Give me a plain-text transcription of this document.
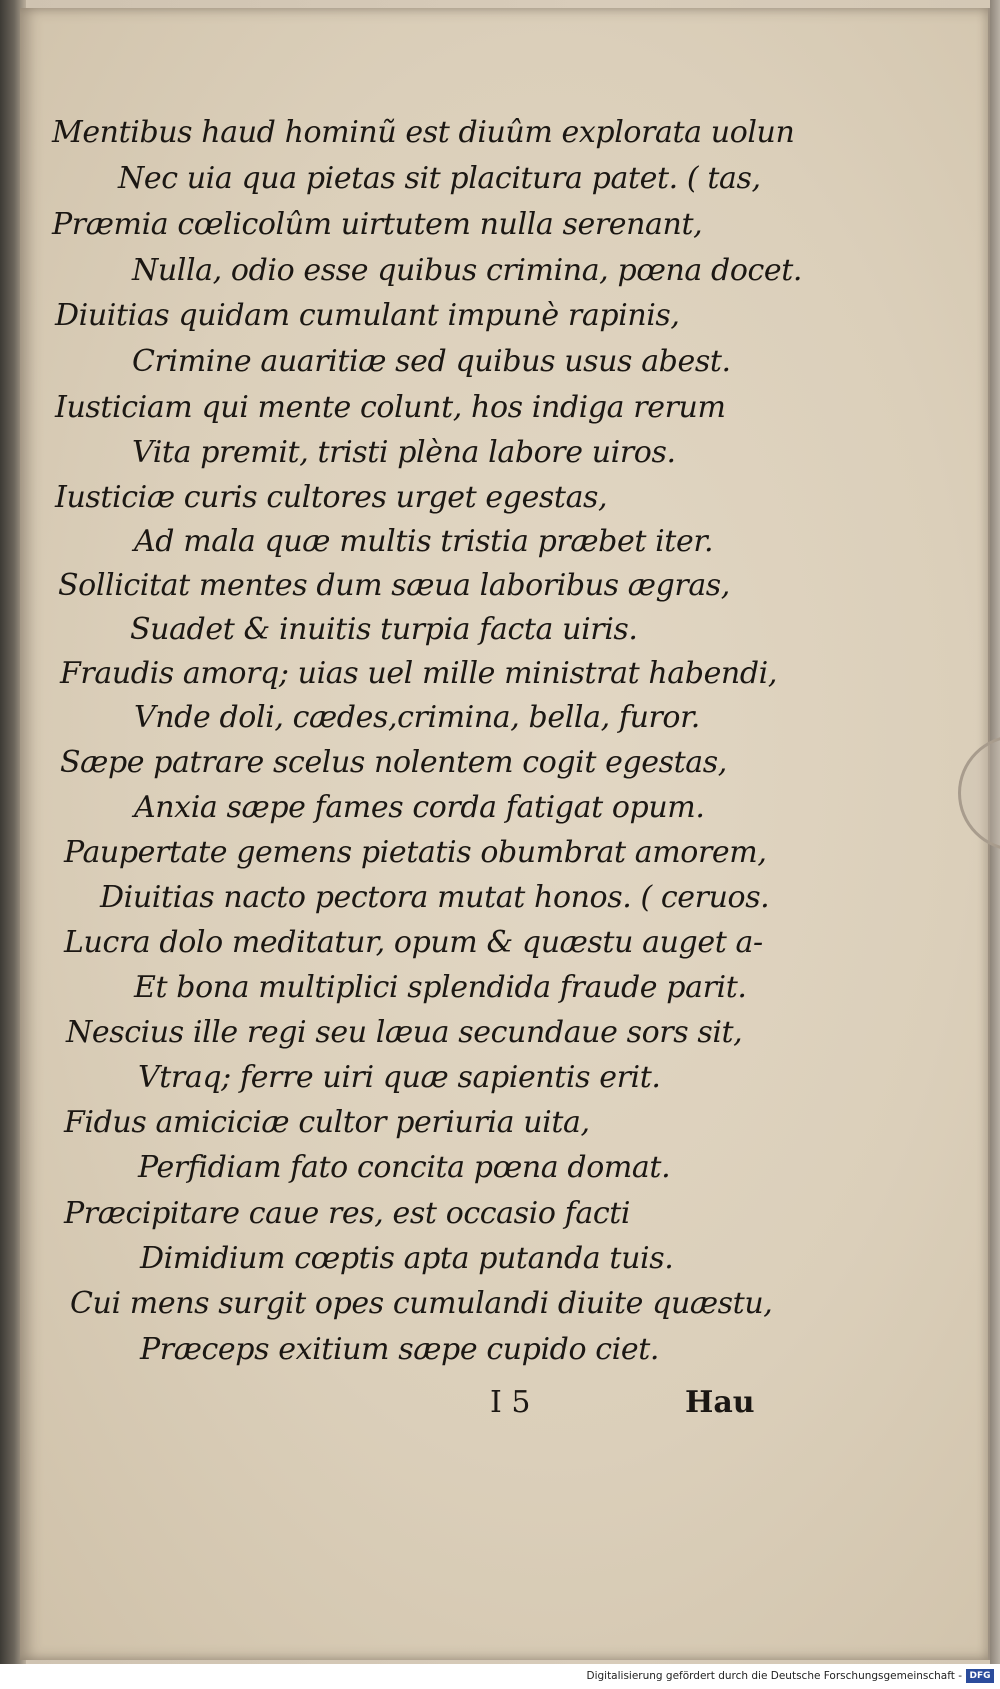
Mentibus haud hominũ est diuûm explorata uolun
Nec uia qua pietas sit placitura patet. ( tas,
Præmia cœlicolûm uirtutem nulla serenant,
Nulla, odio esse quibus crimina, pœna docet.
Diuitias quidam cumulant impunè rapinis,
Crimine auaritiæ sed quibus usus abest.
Iusticiam qui mente colunt, hos indiga rerum
Vita premit, tristi plèna labore uiros.
Iusticiæ curis cultores urget egestas,
Ad mala quæ multis tristia præbet iter.
Sollicitat mentes dum sæua laboribus ægras,
Suadet & inuitis turpia facta uiris.
Fraudis amorq; uias uel mille ministrat habendi,
Vnde doli, cædes,crimina, bella, furor.
Sæpe patrare scelus nolentem cogit egestas,
Anxia sæpe fames corda fatigat opum.
Paupertate gemens pietatis obumbrat amorem,
Diuitias nacto pectora mutat honos. ( ceruos.
Lucra dolo meditatur, opum & quæstu auget a-
Et bona multiplici splendida fraude parit.
Nescius ille regi seu læua secundaue sors sit,
Vtraq; ferre uiri quæ sapientis erit.
Fidus amiciciæ cultor periuria uita,
Perfidiam fato concita pœna domat.
Præcipitare caue res, est occasio facti
Dimidium cœptis apta putanda tuis.
Cui mens surgit opes cumulandi diuite quæstu,
Præceps exitium sæpe cupido ciet.
I 5	Hau
Digitalisierung gefördert durch die Deutsche Forschungsgemeinschaft - DFG
